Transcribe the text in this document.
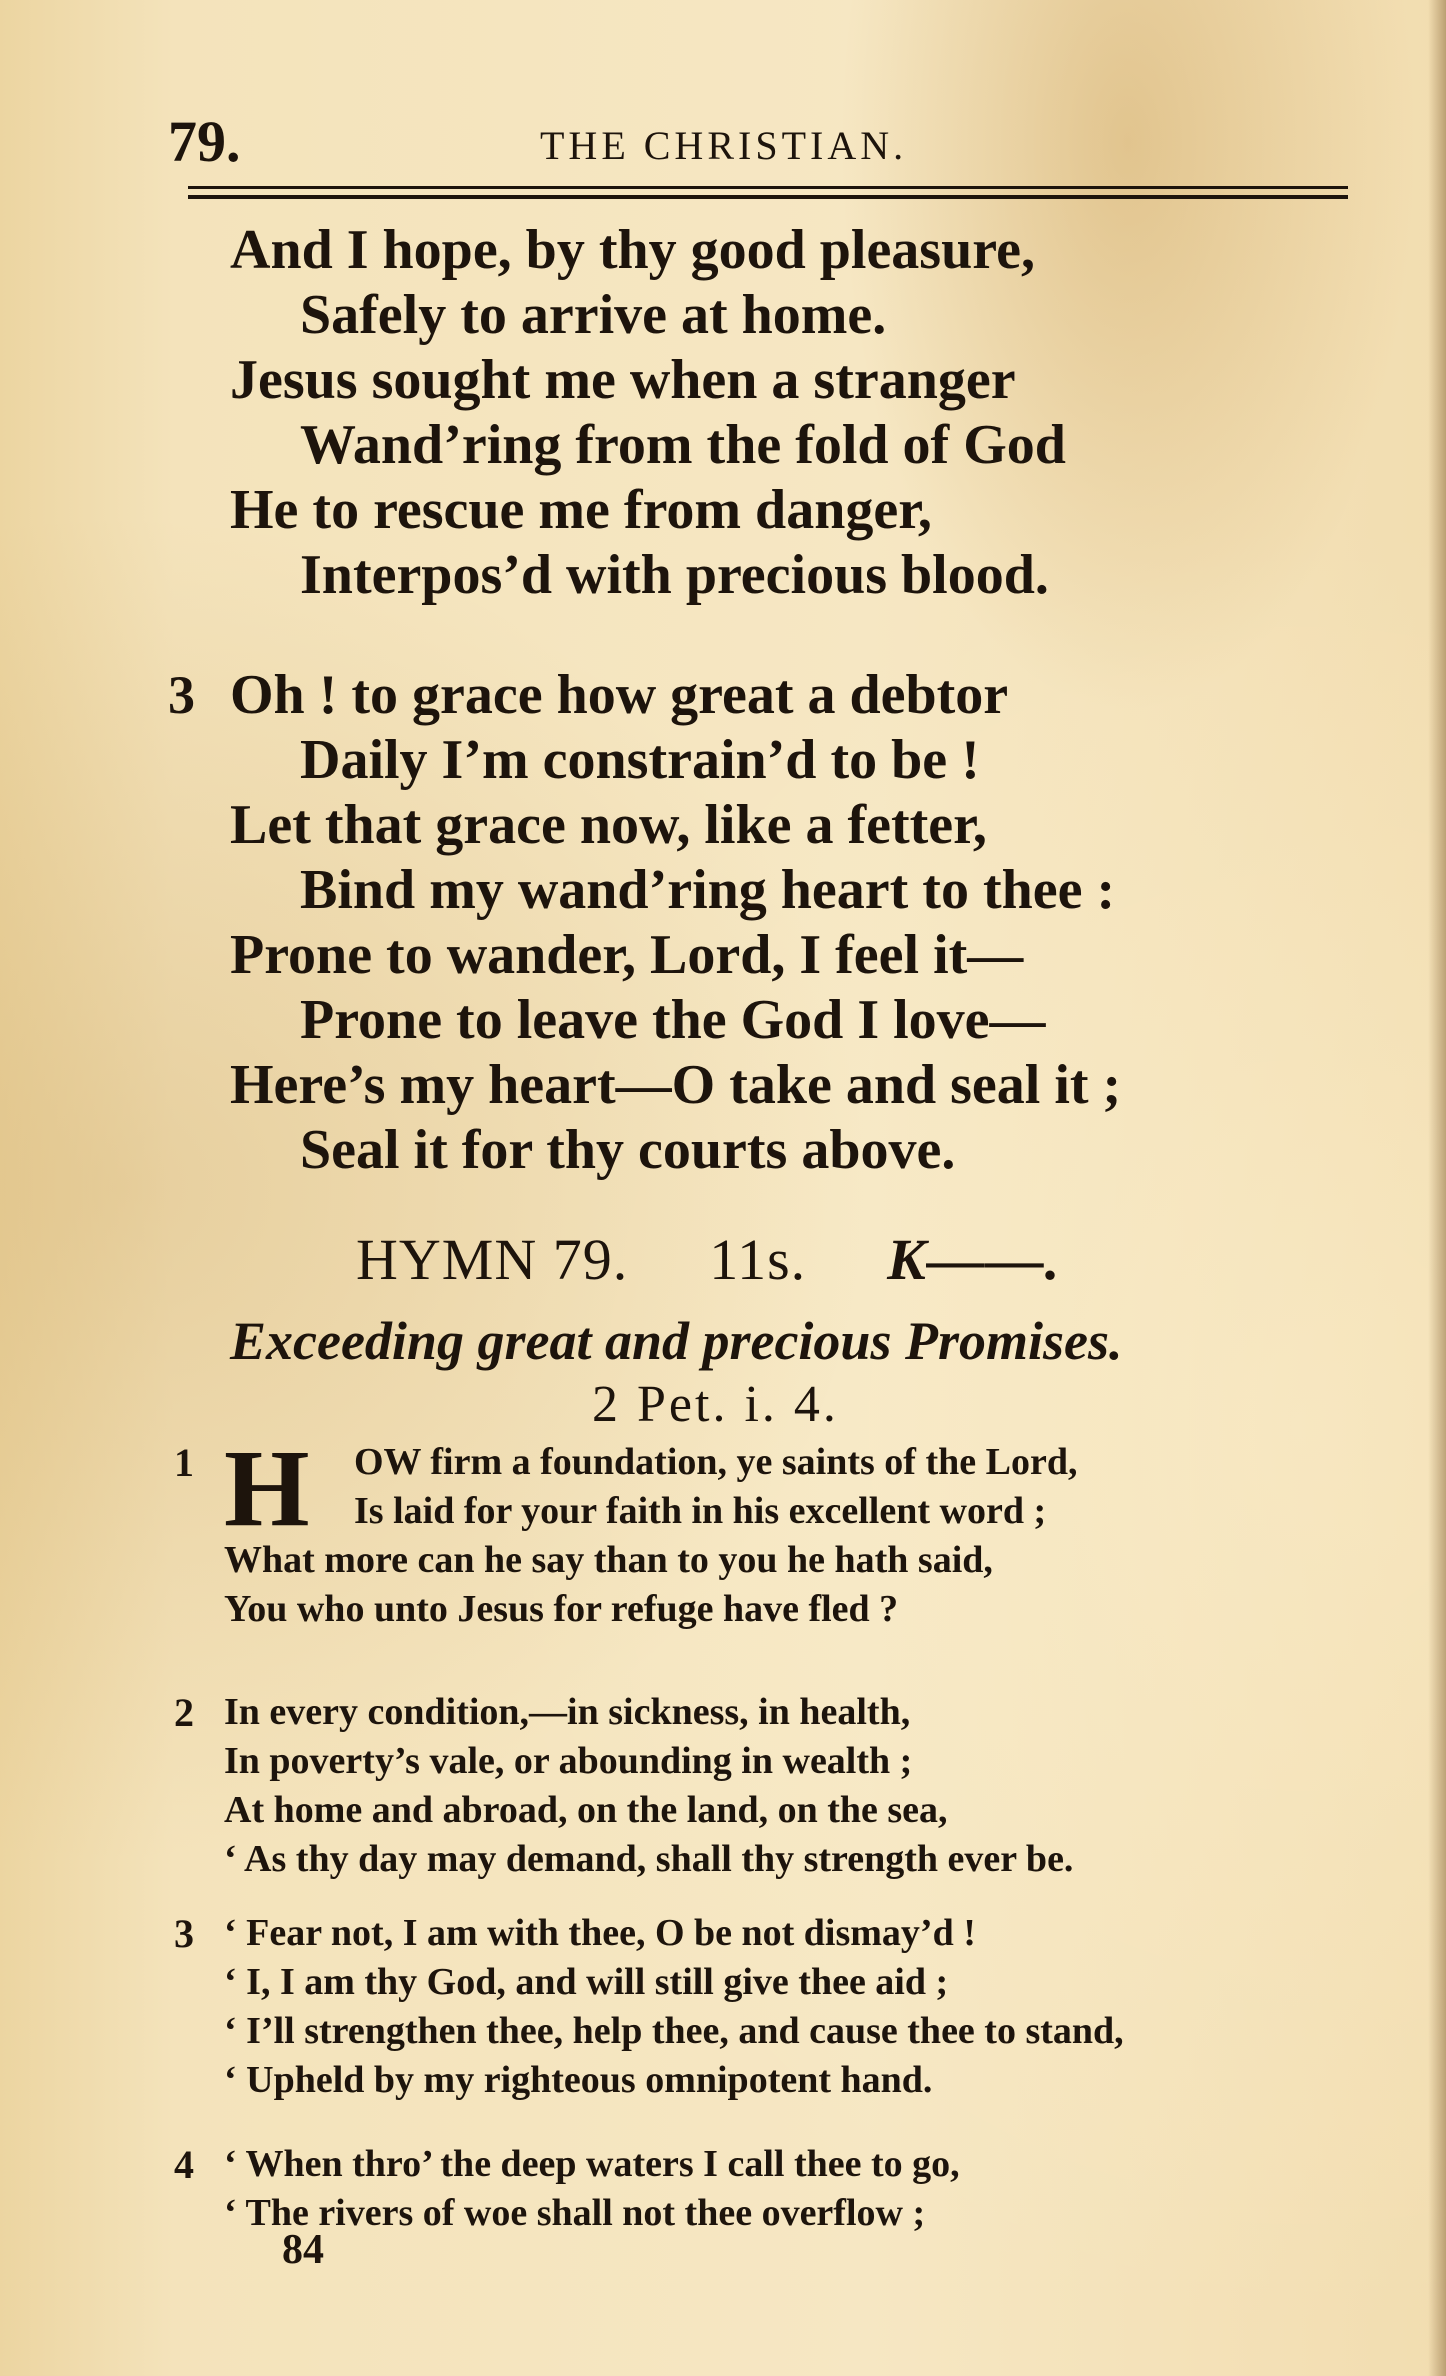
79.	THE CHRISTIAN.
And I hope, by thy good pleasure,
Safely to arrive at home.
Jesus sought me when a stranger
Wand’ring from the fold of God
He to rescue me from danger,
Interpos’d with precious blood.
3 Oh ! to grace how great a debtor
Daily I’m constrain’d to be !
Let that grace now, like a fetter,
Bind my wand’ring heart to thee :
Prone to wander, Lord, I feel it—
Prone to leave the God I love—
Here’s my heart—O take and seal it ;
Seal it for thy courts above.
HYMN 79. 11s. K——.
Exceeding great and precious Promises.
2 Pet. i. 4.
1 H	OW firm a foundation, ye saints of the Lord,
Is laid for your faith in his excellent word ;
What more can he say than to you he hath said,
You who unto Jesus for refuge have fled ?
2 In every condition,—in sickness, in health,
In poverty’s vale, or abounding in wealth ;
At home and abroad, on the land, on the sea,
‘ As thy day may demand, shall thy strength ever be.
3 ‘ Fear not, I am with thee, O be not dismay’d !
‘ I, I am thy God, and will still give thee aid ;
‘ I’ll strengthen thee, help thee, and cause thee to stand,
‘ Upheld by my righteous omnipotent hand.
4 ‘ When thro’ the deep waters I call thee to go,
‘ The rivers of woe shall not thee overflow ;
84
